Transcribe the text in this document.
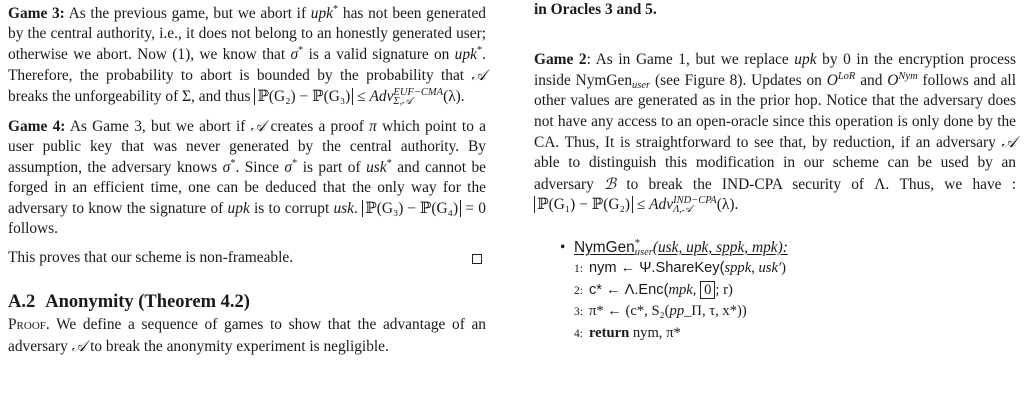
Game 3: As the previous game, but we abort if upk* has not been generated by the central authority, i.e., it does not belong to an honestly generated user; otherwise we abort. Now (1), we know that σ* is a valid signature on upk*. Therefore, the probability to abort is bounded by the probability that 𝒜 breaks the unforgeability of Σ, and thus ℙ(G₂) − ℙ(G₃) ≤ Adv EUF−CMA
Σ,𝒜	(λ).

Game 4: As Game 3, but we abort if 𝒜 creates a proof π which point to a user public key that was never generated by the central authority. By assumption, the adversary knows σ*. Since σ* is part of usk* and cannot be forged in an efficient time, one can be deduced that the only way for the adversary to know the signature of upk is to corrupt usk. ℙ(G₃) − ℙ(G₄) = 0 follows.

This proves that our scheme is non-frameable.

A.2 Anonymity (Theorem 4.2)

Proof. We define a sequence of games to show that the advantage of an adversary 𝒜 to break the anonymity experiment is negligible.

in Oracles 3 and 5.

Game 2: As in Game 1, but we replace upk by 0 in the encryption process inside NymGen$_{user}$ (see Figure 8). Updates on $O^{LoR}$ and $O^{Nym}$ follows and all other values are generated as in the prior hop. Notice that the adversary does not have any access to an open-oracle since this operation is only done by the CA. Thus, It is straightforward to see that, by reduction, if an adversary 𝒜 able to distinguish this modification in our scheme can be used by an adversary ℬ to break the IND-CPA security of Λ. Thus, we have : ℙ(G₁) − ℙ(G₂) ≤ Adv IND−CPA
Λ,𝒜	(λ).

• NymGen *
user (usk, upk, sppk, mpk):
1: nym ← Ψ.ShareKey(sppk, usk′)
2: c* ← Λ.Enc(mpk, 0 ; r)
3: π* ← (c*, S₂(pp_Π, τ, x*))
4: return nym, π*
